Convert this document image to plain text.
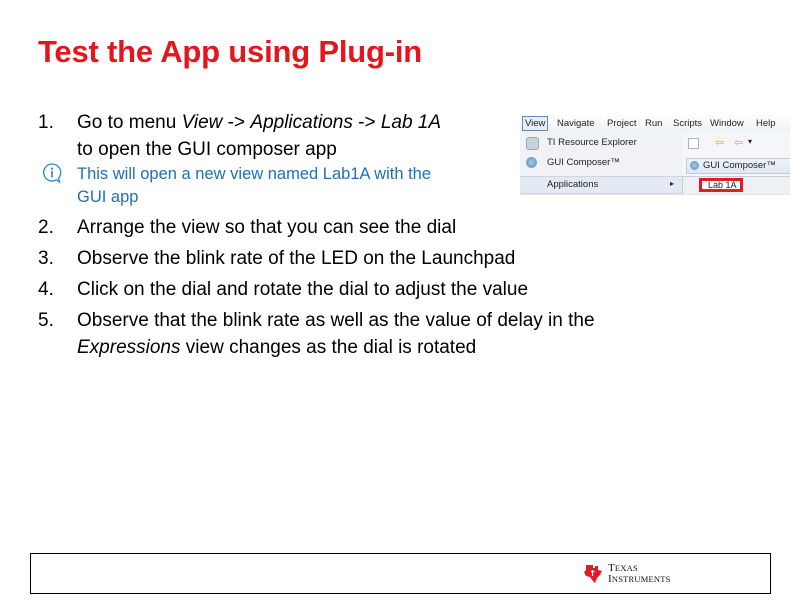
Test the App using Plug-in
1.	Go to menu View -> Applications -> Lab 1A
to open the GUI composer app
This will open a new view named Lab1A with the
GUI app
2.	Arrange the view so that you can see the dial
3.	Observe the blink rate of the LED on the Launchpad
4.	Click on the dial and rotate the dial to adjust the value
5.	Observe that the blink rate as well as the value of delay in the
Expressions view changes as the dial is rotated
View	Navigate Project Run Scripts Window Help
TI Resource Explorer
GUI Composer™
Applications	▸
⇦ ⇦ ▾
GUI Composer™
Lab 1A
TEXAS
INSTRUMENTS
